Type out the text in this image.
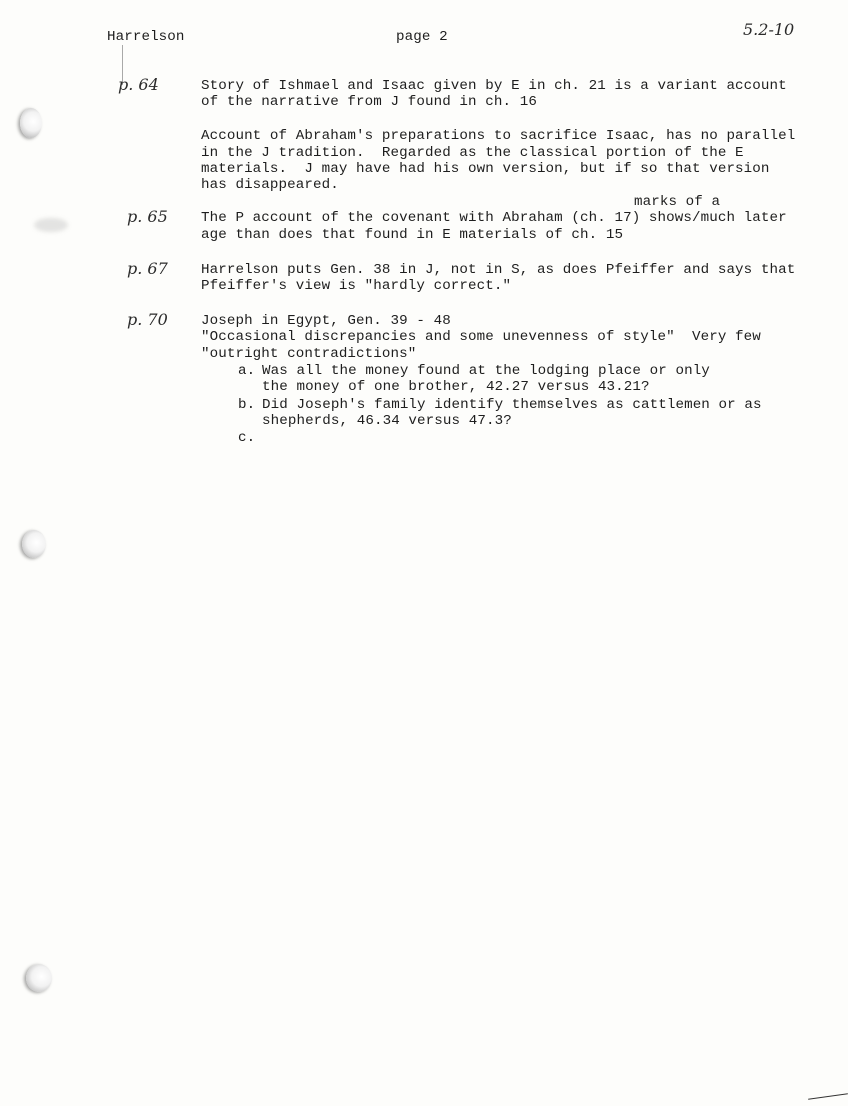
Harrelson	page 2	5.2-10
p. 64	Story of Ishmael and Isaac given by E in ch. 21 is a variant account
of the narrative from J found in ch. 16
Account of Abraham's preparations to sacrifice Isaac, has no parallel
in the J tradition.  Regarded as the classical portion of the E
materials.  J may have had his own version, but if so that version
has disappeared.
marks of a
p. 65 The P account of the covenant with Abraham (ch. 17) shows/much later
age than does that found in E materials of ch. 15
p. 67 Harrelson puts Gen. 38 in J, not in S, as does Pfeiffer and says that
Pfeiffer's view is "hardly correct."
p. 70 Joseph in Egypt, Gen. 39 - 48
"Occasional discrepancies and some unevenness of style"  Very few
"outright contradictions"
a. Was all the money found at the lodging place or only
the money of one brother, 42.27 versus 43.21?
b. Did Joseph's family identify themselves as cattlemen or as
shepherds, 46.34 versus 47.3?
c.
